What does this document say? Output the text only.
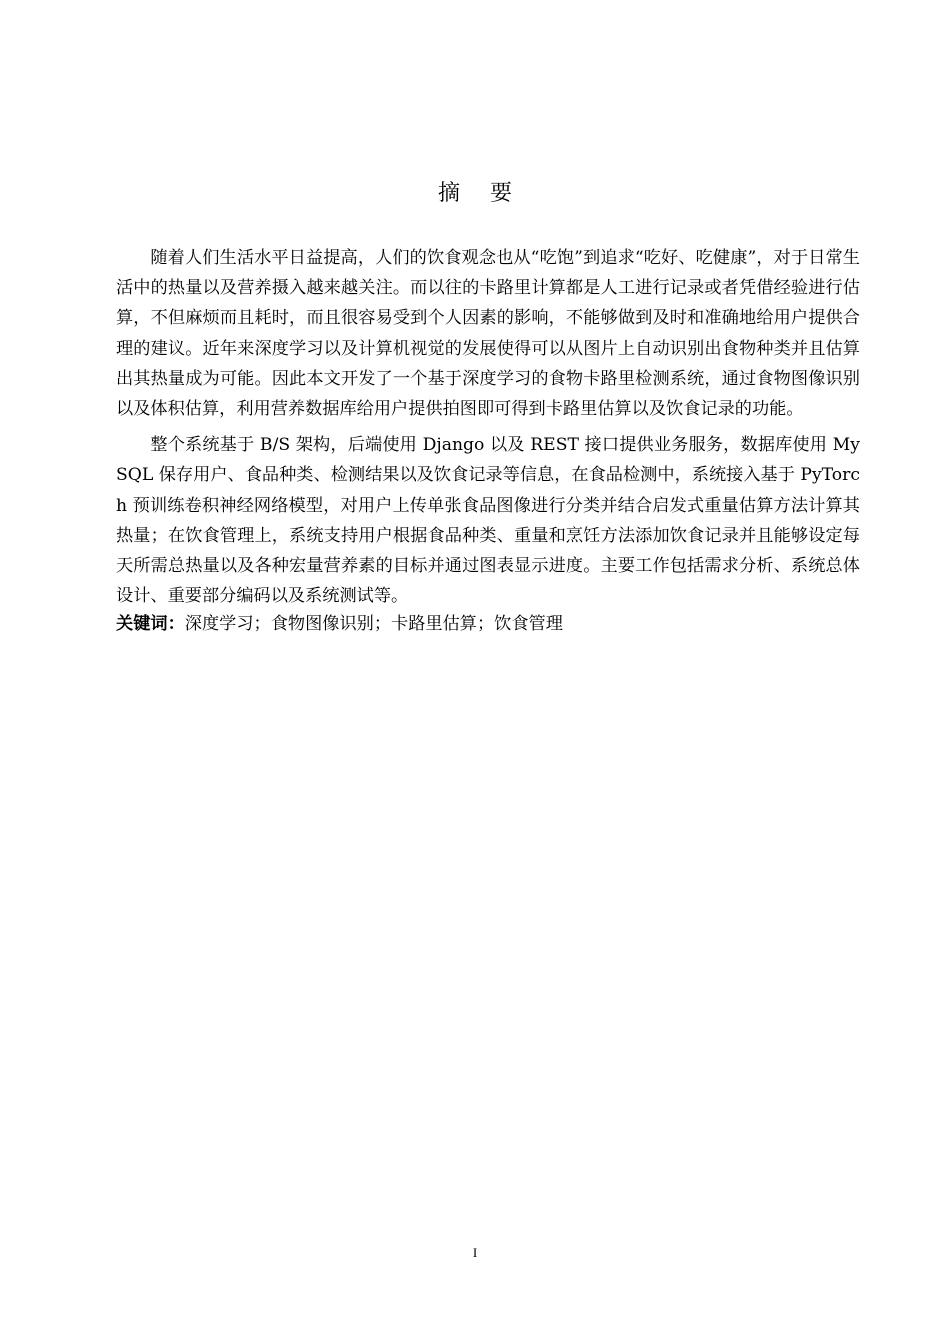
摘要

随着人们生活水平日益提高，人们的饮食观念也从“吃饱”到追求“吃好、吃健康”，对于日常生活中的热量以及营养摄入越来越关注。而以往的卡路里计算都是人工进行记录或者凭借经验进行估算，不但麻烦而且耗时，而且很容易受到个人因素的影响，不能够做到及时和准确地给用户提供合理的建议。近年来深度学习以及计算机视觉的发展使得可以从图片上自动识别出食物种类并且估算出其热量成为可能。因此本文开发了一个基于深度学习的食物卡路里检测系统，通过食物图像识别以及体积估算，利用营养数据库给用户提供拍图即可得到卡路里估算以及饮食记录的功能。

整个系统基于 B/S 架构，后端使用 Django 以及 REST 接口提供业务服务，数据库使用 MySQL 保存用户、食品种类、检测结果以及饮食记录等信息，在食品检测中，系统接入基于 PyTorch 预训练卷积神经网络模型，对用户上传单张食品图像进行分类并结合启发式重量估算方法计算其热量；在饮食管理上，系统支持用户根据食品种类、重量和烹饪方法添加饮食记录并且能够设定每天所需总热量以及各种宏量营养素的目标并通过图表显示进度。主要工作包括需求分析、系统总体设计、重要部分编码以及系统测试等。

关键词：深度学习；食物图像识别；卡路里估算；饮食管理

I
